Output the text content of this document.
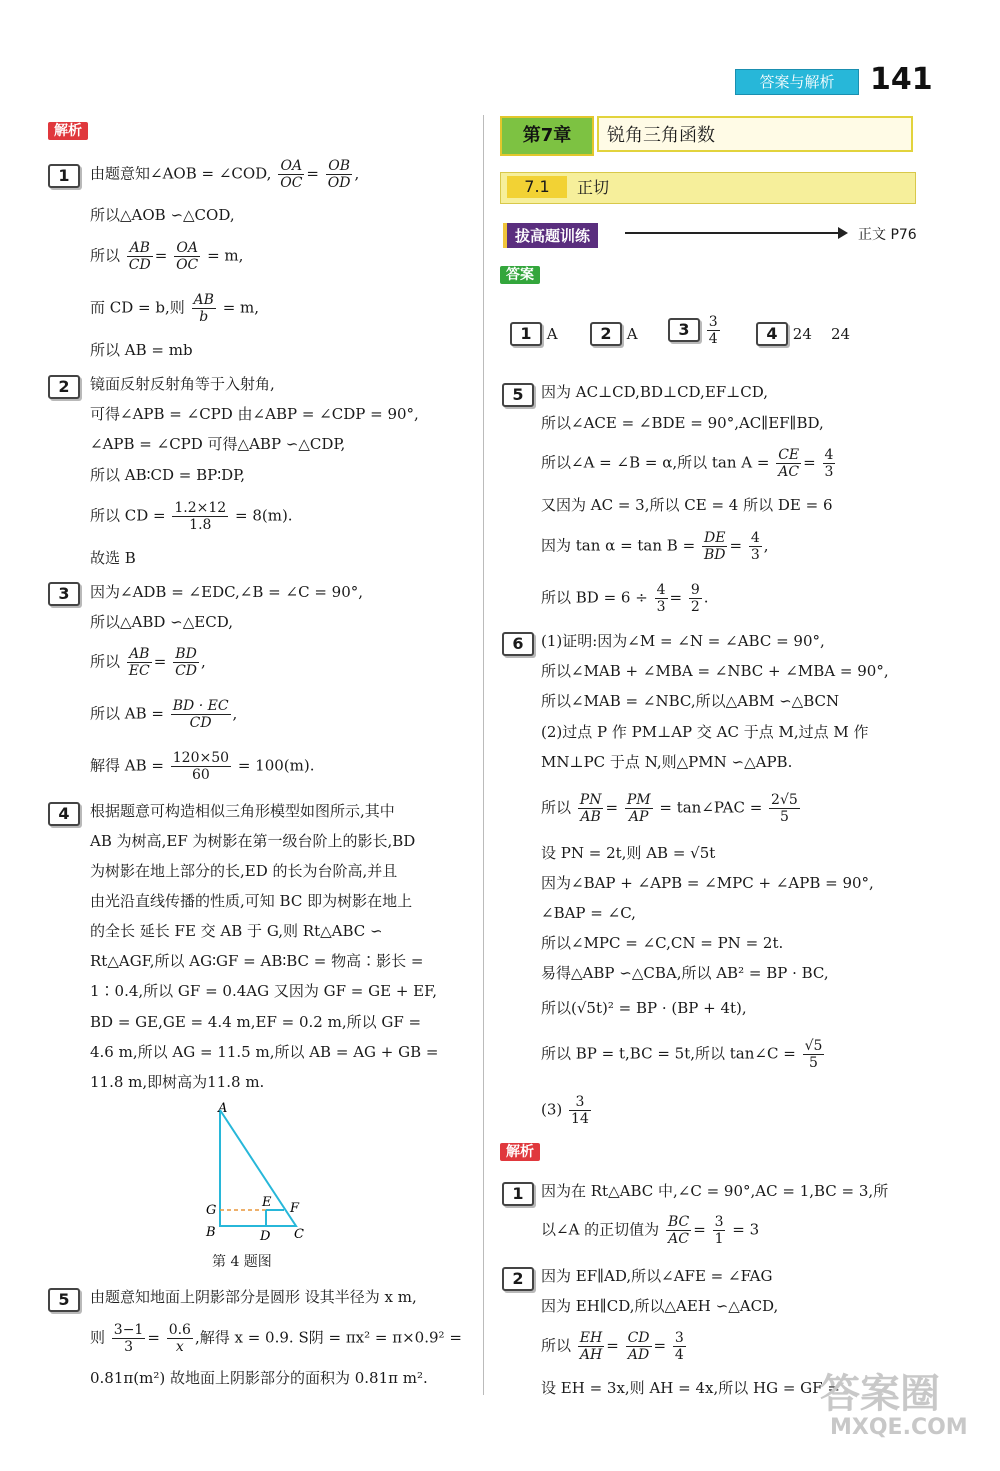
答案与解析	141
解析
1	由题意知∠AOB = ∠COD, $\frac{OA}{OC} = \frac{OB}{OD}$ ,
所以△AOB ∽△COD,
所以 $\frac{AB}{CD} = \frac{OA}{OC} = m$,
而 CD = b,则 $\frac{AB}{b} = m$,
所以 AB = mb
2	镜面反射反射角等于入射角,
可得∠APB = ∠CPD 由∠ABP = ∠CDP = 90°,
∠APB = ∠CPD 可得△ABP ∽△CDP,
所以 AB∶CD = BP∶DP,
所以 CD = $\frac{1.2\times 12}{1.8} = 8(m)$.
故选 B
3	因为∠ADB = ∠EDC,∠B = ∠C = 90°,
所以△ABD ∽△ECD,
所以 $\frac{AB}{EC} = \frac{BD}{CD}$ ,
所以 AB = $\frac{BD \cdot EC}{CD}$ ,
解得 AB = $\frac{120\times 50}{60} = 100(m)$.
4	根据题意可构造相似三角形模型如图所示,其中
AB 为树高,EF 为树影在第一级台阶上的影长,BD
为树影在地上部分的长,ED 的长为台阶高,并且
由光沿直线传播的性质,可知 BC 即为树影在地上
的全长 延长 FE 交 AB 于 G,则 Rt△ABC ∽
Rt△AGF,所以 AG∶GF = AB∶BC = 物高∶影长 =
1∶0.4,所以 GF = 0.4AG 又因为 GF = GE + EF,
BD = GE,GE = 4.4 m,EF = 0.2 m,所以 GF =
4.6 m,所以 AG = 11.5 m,所以 AB = AG + GB =
11.8 m,即树高为11.8 m.
A
G
B
E F
D C
第 4 题图
5	由题意知地面上阴影部分是圆形 设其半径为 x m,
则 $\frac{3-1}{3} = \frac{0.6}{x}$ ,解得 x = 0.9. S阴 = πx² = π×0.9² =
0.81π(m²) 故地面上阴影部分的面积为 0.81π m².
第7章	锐角三角函数
7.1 正切
拔高题训练	正文 P76
答案
1 A	2 A	$3 \frac{3}{4}$	4 24    24
5	因为 AC⊥CD,BD⊥CD,EF⊥CD,
所以∠ACE = ∠BDE = 90°,AC∥EF∥BD,
所以∠A = ∠B = α,所以 $\tan A = \frac{CE}{AC} = \frac{4}{3}$
又因为 AC = 3,所以 CE = 4 所以 DE = 6
因为 $\tan \alpha = \tan B = \frac{DE}{BD} = \frac{4}{3}$ ,
所以 BD = $6 \div \frac{4}{3} = \frac{9}{2}$ .
6	(1)证明:因为∠M = ∠N = ∠ABC = 90°,
所以∠MAB + ∠MBA = ∠NBC + ∠MBA = 90°,
所以∠MAB = ∠NBC,所以△ABM ∽△BCN
(2)过点 P 作 PM⊥AP 交 AC 于点 M,过点 M 作
MN⊥PC 于点 N,则△PMN ∽△APB.
所以 $\frac{PN}{AB} = \frac{PM}{AP}$ = tan∠PAC = $\frac{2√5}{5}$
设 PN = 2t,则 AB = √5t
因为∠BAP + ∠APB = ∠MPC + ∠APB = 90°,
∠BAP = ∠C,
所以∠MPC = ∠C,CN = PN = 2t.
易得△ABP ∽△CBA,所以 AB² = BP · BC,
所以(√5t)² = BP · (BP + 4t),
所以 BP = t,BC = 5t,所以 tan∠C = $\frac{√5}{5}$
$(3) \frac{3}{14}$
解析
1	因为在 Rt△ABC 中,∠C = 90°,AC = 1,BC = 3,所
以∠A 的正切值为 $\frac{BC}{AC} = \frac{3}{1} = 3$
2	因为 EF∥AD,所以∠AFE = ∠FAG
因为 EH∥CD,所以△AEH ∽△ACD,
所以 $\frac{EH}{AH} = \frac{CD}{AD} = \frac{3}{4}$
设 EH = 3x,则 AH = 4x,所以 HG = GF =
答案圈
MXQE.COM
